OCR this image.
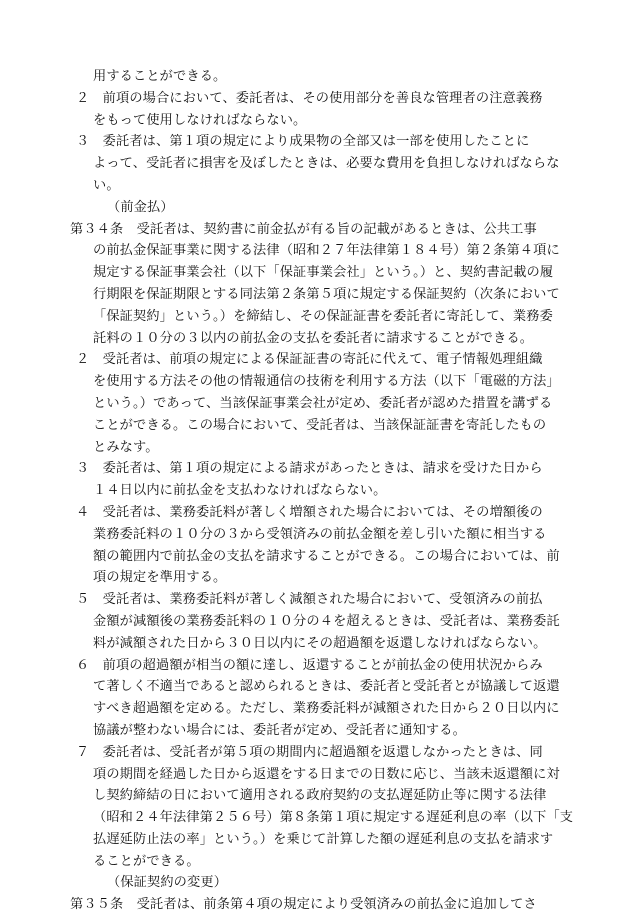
用することができる。
２　前項の場合において、委託者は、その使用部分を善良な管理者の注意義務
をもって使用しなければならない。
３　委託者は、第１項の規定により成果物の全部又は一部を使用したことに
よって、受託者に損害を及ぼしたときは、必要な費用を負担しなければならな
い。
（前金払）
第３４条　受託者は、契約書に前金払が有る旨の記載があるときは、公共工事
の前払金保証事業に関する法律（昭和２７年法律第１８４号）第２条第４項に
規定する保証事業会社（以下「保証事業会社」という。）と、契約書記載の履
行期限を保証期限とする同法第２条第５項に規定する保証契約（次条において
「保証契約」という。）を締結し、その保証証書を委託者に寄託して、業務委
託料の１０分の３以内の前払金の支払を委託者に請求することができる。
２　受託者は、前項の規定による保証証書の寄託に代えて、電子情報処理組織
を使用する方法その他の情報通信の技術を利用する方法（以下「電磁的方法」
という。）であって、当該保証事業会社が定め、委託者が認めた措置を講ずる
ことができる。この場合において、受託者は、当該保証証書を寄託したもの
とみなす。
３　委託者は、第１項の規定による請求があったときは、請求を受けた日から
１４日以内に前払金を支払わなければならない。
４　受託者は、業務委託料が著しく増額された場合においては、その増額後の
業務委託料の１０分の３から受領済みの前払金額を差し引いた額に相当する
額の範囲内で前払金の支払を請求することができる。この場合においては、前
項の規定を準用する。
５　受託者は、業務委託料が著しく減額された場合において、受領済みの前払
金額が減額後の業務委託料の１０分の４を超えるときは、受託者は、業務委託
料が減額された日から３０日以内にその超過額を返還しなければならない。
６　前項の超過額が相当の額に達し、返還することが前払金の使用状況からみ
て著しく不適当であると認められるときは、委託者と受託者とが協議して返還
すべき超過額を定める。ただし、業務委託料が減額された日から２０日以内に
協議が整わない場合には、委託者が定め、受託者に通知する。
７　委託者は、受託者が第５項の期間内に超過額を返還しなかったときは、同
項の期間を経過した日から返還をする日までの日数に応じ、当該未返還額に対
し契約締結の日において適用される政府契約の支払遅延防止等に関する法律
（昭和２４年法律第２５６号）第８条第１項に規定する遅延利息の率（以下「支
払遅延防止法の率」という。）を乗じて計算した額の遅延利息の支払を請求す
ることができる。
（保証契約の変更）
第３５条　受託者は、前条第４項の規定により受領済みの前払金に追加してさ
